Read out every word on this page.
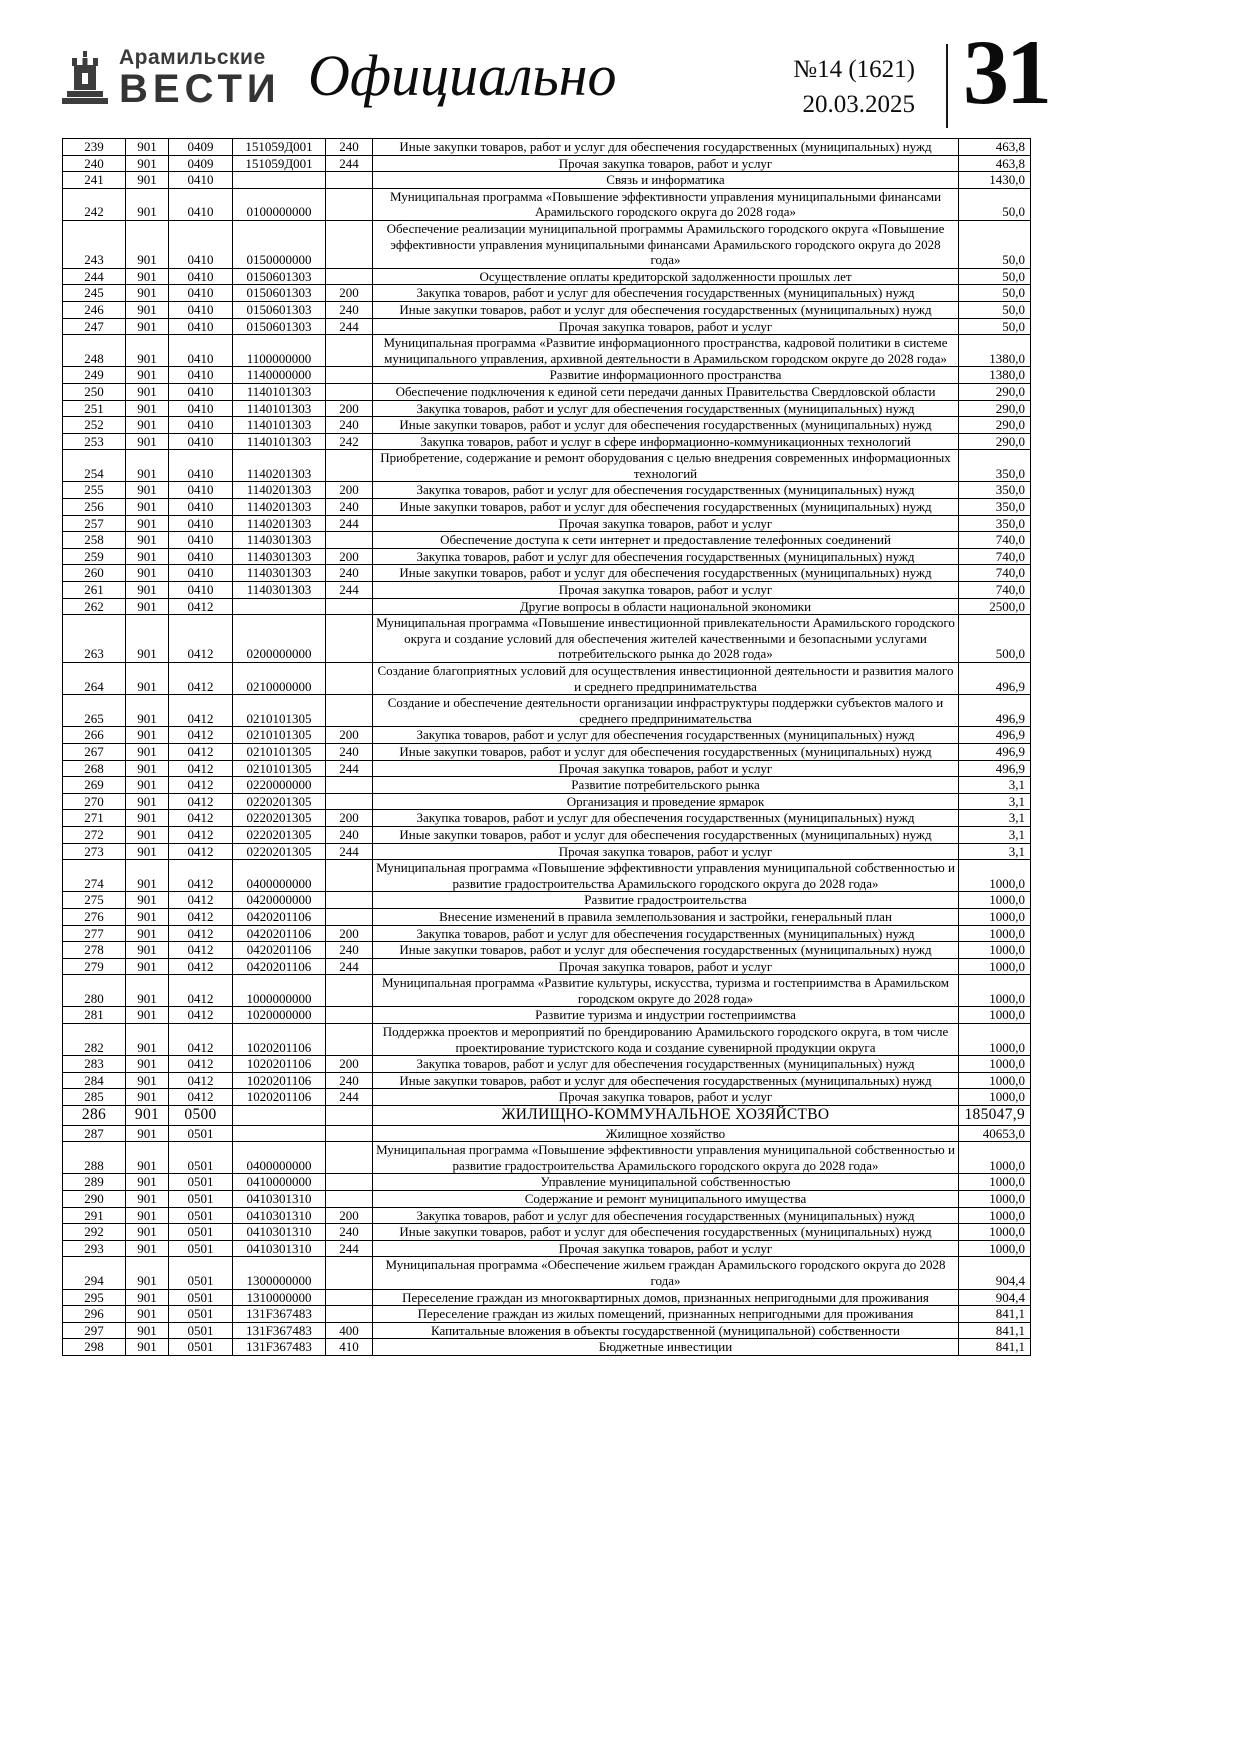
Арамильские
ВЕСТИ Официально	№14 (1621)
20.03.2025 31
239	901	0409	151059Д001	240	Иные закупки товаров, работ и услуг для обеспечения государственных (муниципальных) нужд	463,8
240	901	0409	151059Д001	244	Прочая закупка товаров, работ и услуг	463,8
241	901	0410			Связь и информатика	1430,0
242	901	0410	0100000000		Муниципальная программа «Повышение эффективности управления муниципальными финансами Арамильского городского округа до 2028 года»	50,0
243	901	0410	0150000000		Обеспечение реализации муниципальной программы Арамильского городского округа «Повышение эффективности управления муниципальными финансами Арамильского городского округа до 2028 года»	50,0
244	901	0410	0150601303		Осуществление оплаты кредиторской задолженности прошлых лет	50,0
245	901	0410	0150601303	200	Закупка товаров, работ и услуг для обеспечения государственных (муниципальных) нужд	50,0
246	901	0410	0150601303	240	Иные закупки товаров, работ и услуг для обеспечения государственных (муниципальных) нужд	50,0
247	901	0410	0150601303	244	Прочая закупка товаров, работ и услуг	50,0
248	901	0410	1100000000		Муниципальная программа «Развитие информационного пространства, кадровой политики в системе муниципального управления, архивной деятельности в Арамильском городском округе до 2028 года»	1380,0
249	901	0410	1140000000		Развитие информационного пространства	1380,0
250	901	0410	1140101303		Обеспечение подключения к единой сети передачи данных Правительства Свердловской области	290,0
251	901	0410	1140101303	200	Закупка товаров, работ и услуг для обеспечения государственных (муниципальных) нужд	290,0
252	901	0410	1140101303	240	Иные закупки товаров, работ и услуг для обеспечения государственных (муниципальных) нужд	290,0
253	901	0410	1140101303	242	Закупка товаров, работ и услуг в сфере информационно-коммуникационных технологий	290,0
254	901	0410	1140201303		Приобретение, содержание и ремонт оборудования с целью внедрения современных информационных технологий	350,0
255	901	0410	1140201303	200	Закупка товаров, работ и услуг для обеспечения государственных (муниципальных) нужд	350,0
256	901	0410	1140201303	240	Иные закупки товаров, работ и услуг для обеспечения государственных (муниципальных) нужд	350,0
257	901	0410	1140201303	244	Прочая закупка товаров, работ и услуг	350,0
258	901	0410	1140301303		Обеспечение доступа к сети интернет и предоставление телефонных соединений	740,0
259	901	0410	1140301303	200	Закупка товаров, работ и услуг для обеспечения государственных (муниципальных) нужд	740,0
260	901	0410	1140301303	240	Иные закупки товаров, работ и услуг для обеспечения государственных (муниципальных) нужд	740,0
261	901	0410	1140301303	244	Прочая закупка товаров, работ и услуг	740,0
262	901	0412			Другие вопросы в области национальной экономики	2500,0
263	901	0412	0200000000		Муниципальная программа «Повышение инвестиционной привлекательности Арамильского городского округа и создание условий для обеспечения жителей качественными и безопасными услугами потребительского рынка до 2028 года»	500,0
264	901	0412	0210000000		Создание благоприятных условий для осуществления инвестиционной деятельности и развития малого и среднего предпринимательства	496,9
265	901	0412	0210101305		Создание и обеспечение деятельности организации инфраструктуры поддержки субъектов малого и среднего предпринимательства	496,9
266	901	0412	0210101305	200	Закупка товаров, работ и услуг для обеспечения государственных (муниципальных) нужд	496,9
267	901	0412	0210101305	240	Иные закупки товаров, работ и услуг для обеспечения государственных (муниципальных) нужд	496,9
268	901	0412	0210101305	244	Прочая закупка товаров, работ и услуг	496,9
269	901	0412	0220000000		Развитие потребительского рынка	3,1
270	901	0412	0220201305		Организация и проведение ярмарок	3,1
271	901	0412	0220201305	200	Закупка товаров, работ и услуг для обеспечения государственных (муниципальных) нужд	3,1
272	901	0412	0220201305	240	Иные закупки товаров, работ и услуг для обеспечения государственных (муниципальных) нужд	3,1
273	901	0412	0220201305	244	Прочая закупка товаров, работ и услуг	3,1
274	901	0412	0400000000		Муниципальная программа «Повышение эффективности управления муниципальной собственностью и развитие градостроительства Арамильского городского округа до 2028 года»	1000,0
275	901	0412	0420000000		Развитие градостроительства	1000,0
276	901	0412	0420201106		Внесение изменений в правила землепользования и застройки, генеральный план	1000,0
277	901	0412	0420201106	200	Закупка товаров, работ и услуг для обеспечения государственных (муниципальных) нужд	1000,0
278	901	0412	0420201106	240	Иные закупки товаров, работ и услуг для обеспечения государственных (муниципальных) нужд	1000,0
279	901	0412	0420201106	244	Прочая закупка товаров, работ и услуг	1000,0
280	901	0412	1000000000		Муниципальная программа «Развитие культуры, искусства, туризма и гостеприимства в Арамильском городском округе до 2028 года»	1000,0
281	901	0412	1020000000		Развитие туризма и индустрии гостеприимства	1000,0
282	901	0412	1020201106		Поддержка проектов и мероприятий по брендированию Арамильского городского округа, в том числе проектирование туристского кода и создание сувенирной продукции округа	1000,0
283	901	0412	1020201106	200	Закупка товаров, работ и услуг для обеспечения государственных (муниципальных) нужд	1000,0
284	901	0412	1020201106	240	Иные закупки товаров, работ и услуг для обеспечения государственных (муниципальных) нужд	1000,0
285	901	0412	1020201106	244	Прочая закупка товаров, работ и услуг	1000,0
286	901	0500			ЖИЛИЩНО-КОММУНАЛЬНОЕ ХОЗЯЙСТВО	185047,9
287	901	0501			Жилищное хозяйство	40653,0
288	901	0501	0400000000		Муниципальная программа «Повышение эффективности управления муниципальной собственностью и развитие градостроительства Арамильского городского округа до 2028 года»	1000,0
289	901	0501	0410000000		Управление муниципальной собственностью	1000,0
290	901	0501	0410301310		Содержание и ремонт муниципального имущества	1000,0
291	901	0501	0410301310	200	Закупка товаров, работ и услуг для обеспечения государственных (муниципальных) нужд	1000,0
292	901	0501	0410301310	240	Иные закупки товаров, работ и услуг для обеспечения государственных (муниципальных) нужд	1000,0
293	901	0501	0410301310	244	Прочая закупка товаров, работ и услуг	1000,0
294	901	0501	1300000000		Муниципальная программа «Обеспечение жильем граждан Арамильского городского округа до 2028 года»	904,4
295	901	0501	1310000000		Переселение граждан из многоквартирных домов, признанных непригодными для проживания	904,4
296	901	0501	131F367483		Переселение граждан из жилых помещений, признанных непригодными для проживания	841,1
297	901	0501	131F367483	400	Капитальные вложения в объекты государственной (муниципальной) собственности	841,1
298	901	0501	131F367483	410	Бюджетные инвестиции	841,1
